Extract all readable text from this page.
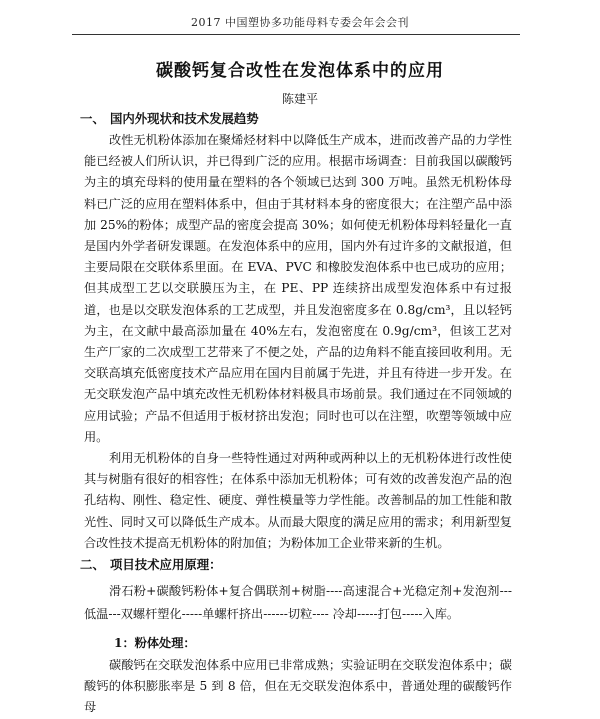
2017 中国塑协多功能母料专委会年会会刊
碳酸钙复合改性在发泡体系中的应用
陈建平
一、 国内外现状和技术发展趋势

改性无机粉体添加在聚烯烃材料中以降低生产成本，进而改善产品的力学性能已经被人们所认识，并已得到广泛的应用。根据市场调查：目前我国以碳酸钙为主的填充母料的使用量在塑料的各个领域已达到 300 万吨。虽然无机粉体母料已广泛的应用在塑料体系中，但由于其材料本身的密度很大；在注塑产品中添加 25%的粉体；成型产品的密度会提高 30%；如何使无机粉体母料轻量化一直是国内外学者研发课题。在发泡体系中的应用，国内外有过许多的文献报道，但主要局限在交联体系里面。在 EVA、PVC 和橡胶发泡体系中也已成功的应用；但其成型工艺以交联膜压为主，在 PE、PP 连续挤出成型发泡体系中有过报道，也是以交联发泡体系的工艺成型，并且发泡密度多在 0.8g/cm³，且以轻钙为主，在文献中最高添加量在 40%左右，发泡密度在 0.9g/cm³，但该工艺对生产厂家的二次成型工艺带来了不便之处，产品的边角料不能直接回收利用。无交联高填充低密度技术产品应用在国内目前属于先进，并且有待进一步开发。在无交联发泡产品中填充改性无机粉体材料极具市场前景。我们通过在不同领域的应用试验；产品不但适用于板材挤出发泡；同时也可以在注塑，吹塑等领域中应用。

利用无机粉体的自身一些特性通过对两种或两种以上的无机粉体进行改性使其与树脂有很好的相容性；在体系中添加无机粉体；可有效的改善发泡产品的泡孔结构、刚性、稳定性、硬度、弹性模量等力学性能。改善制品的加工性能和散光性、同时又可以降低生产成本。从而最大限度的满足应用的需求；利用新型复合改性技术提高无机粉体的附加值；为粉体加工企业带来新的生机。

二、 项目技术应用原理：

滑石粉+碳酸钙粉体+复合偶联剂+树脂----高速混合+光稳定剂+发泡剂---低温---双螺杆塑化-----单螺杆挤出------切粒---- 冷却-----打包-----入库。

1：粉体处理：

碳酸钙在交联发泡体系中应用已非常成熟；实验证明在交联发泡体系中；碳酸钙的体积膨胀率是 5 到 8 倍，但在无交联发泡体系中，普通处理的碳酸钙作母
